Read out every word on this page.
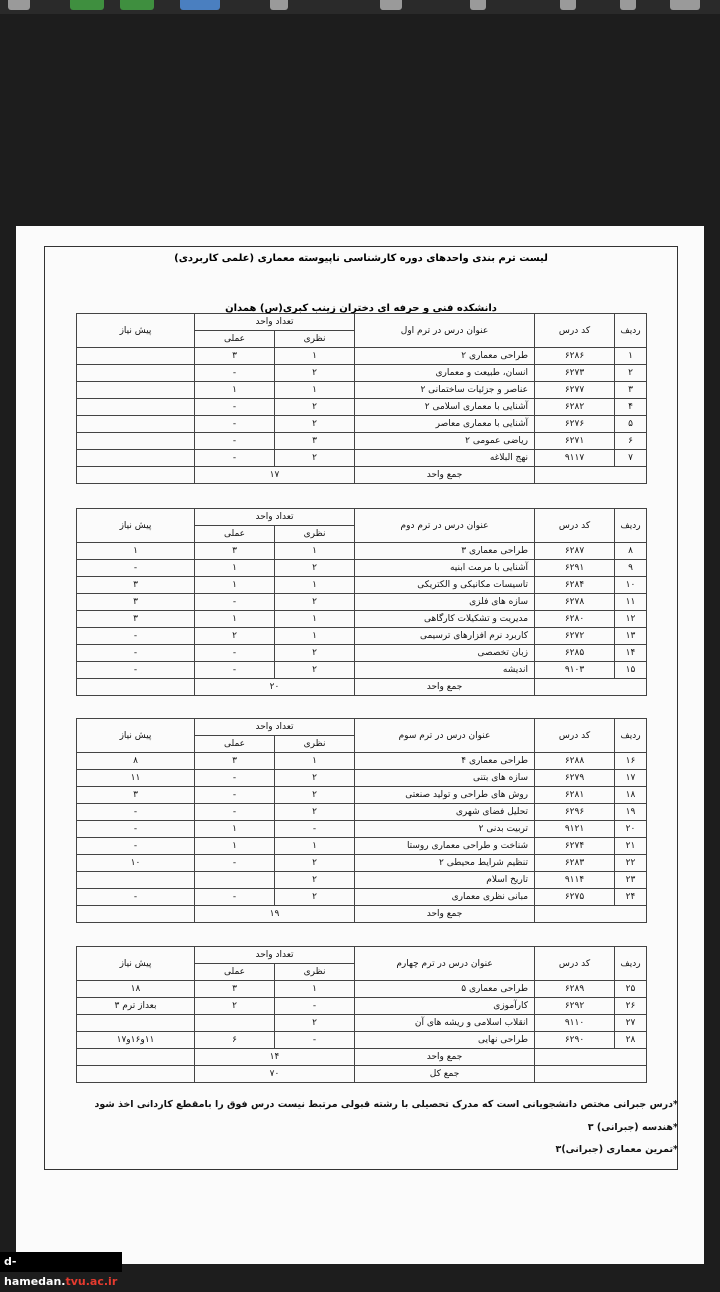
لیست ترم بندی واحدهای دوره کارشناسی ناپیوسته معماری (علمی کاربردی)
دانشکده فنی و حرفه ای دختران زینب کبری(س) همدان
ردیف	کد درس	عنوان درس در ترم اول	تعداد واحد		پیش نیاز
			نظری	عملی	
۱	۶۲۸۶	طراحی معماری ۲	۱	۳	
۲	۶۲۷۳	انسان، طبیعت و معماری	۲	-	
۳	۶۲۷۷	عناصر و جزئیات ساختمانی ۲	۱	۱	
۴	۶۲۸۲	آشنایی با معماری اسلامی ۲	۲	-	
۵	۶۲۷۶	آشنایی با معماری معاصر	۲	-	
۶	۶۲۷۱	ریاضی عمومی ۲	۳	-	
۷	۹۱۱۷	نهج البلاغه	۲	-	
		جمع واحد	۱۷		
ردیف	کد درس	عنوان درس در ترم دوم	تعداد واحد		پیش نیاز
			نظری	عملی	
۸	۶۲۸۷	طراحی معماری ۳	۱	۳	۱
۹	۶۲۹۱	آشنایی با مرمت ابنیه	۲	۱	-
۱۰	۶۲۸۴	تاسیسات مکانیکی و الکتریکی	۱	۱	۳
۱۱	۶۲۷۸	سازه های فلزی	۲	-	۳
۱۲	۶۲۸۰	مدیریت و تشکیلات کارگاهی	۱	۱	۳
۱۳	۶۲۷۲	کاربرد نرم افزارهای ترسیمی	۱	۲	-
۱۴	۶۲۸۵	زبان تخصصی	۲	-	-
۱۵	۹۱۰۳	اندیشه	۲	-	-
		جمع واحد	۲۰		
ردیف	کد درس	عنوان درس در ترم سوم	تعداد واحد		پیش نیاز
			نظری	عملی	
۱۶	۶۲۸۸	طراحی معماری ۴	۱	۳	۸
۱۷	۶۲۷۹	سازه های بتنی	۲	-	۱۱
۱۸	۶۲۸۱	روش های طراحی و تولید صنعتی	۲	-	۳
۱۹	۶۲۹۶	تحلیل فضای شهری	۲	-	-
۲۰	۹۱۲۱	تربیت بدنی ۲	-	۱	-
۲۱	۶۲۷۴	شناخت و طراحی معماری روستا	۱	۱	-
۲۲	۶۲۸۳	تنظیم شرایط محیطی ۲	۲	-	۱۰
۲۳	۹۱۱۴	تاریخ اسلام	۲		
۲۴	۶۲۷۵	مبانی نظری معماری	۲	-	-
		جمع واحد	۱۹		
ردیف	کد درس	عنوان درس در ترم چهارم	تعداد واحد		پیش نیاز
			نظری	عملی	
۲۵	۶۲۸۹	طراحی معماری ۵	۱	۳	۱۸
۲۶	۶۲۹۲	کارآموزی	-	۲	بعداز ترم ۳
۲۷	۹۱۱۰	انقلاب اسلامی و ریشه های آن	۲		
۲۸	۶۲۹۰	طراحی نهایی	-	۶	۱۱و۱۶و۱۷
		جمع واحد	۱۴		
		جمع کل	۷۰		
*درس جبرانی مختص دانشجویانی است که مدرک تحصیلی با رشته قبولی مرتبط نیست درس فوق را بامقطع کاردانی اخذ شود
*هندسه (جبرانی) ۳
*تمرین معماری (جبرانی)۳
d-hamedan.tvu.ac.ir
